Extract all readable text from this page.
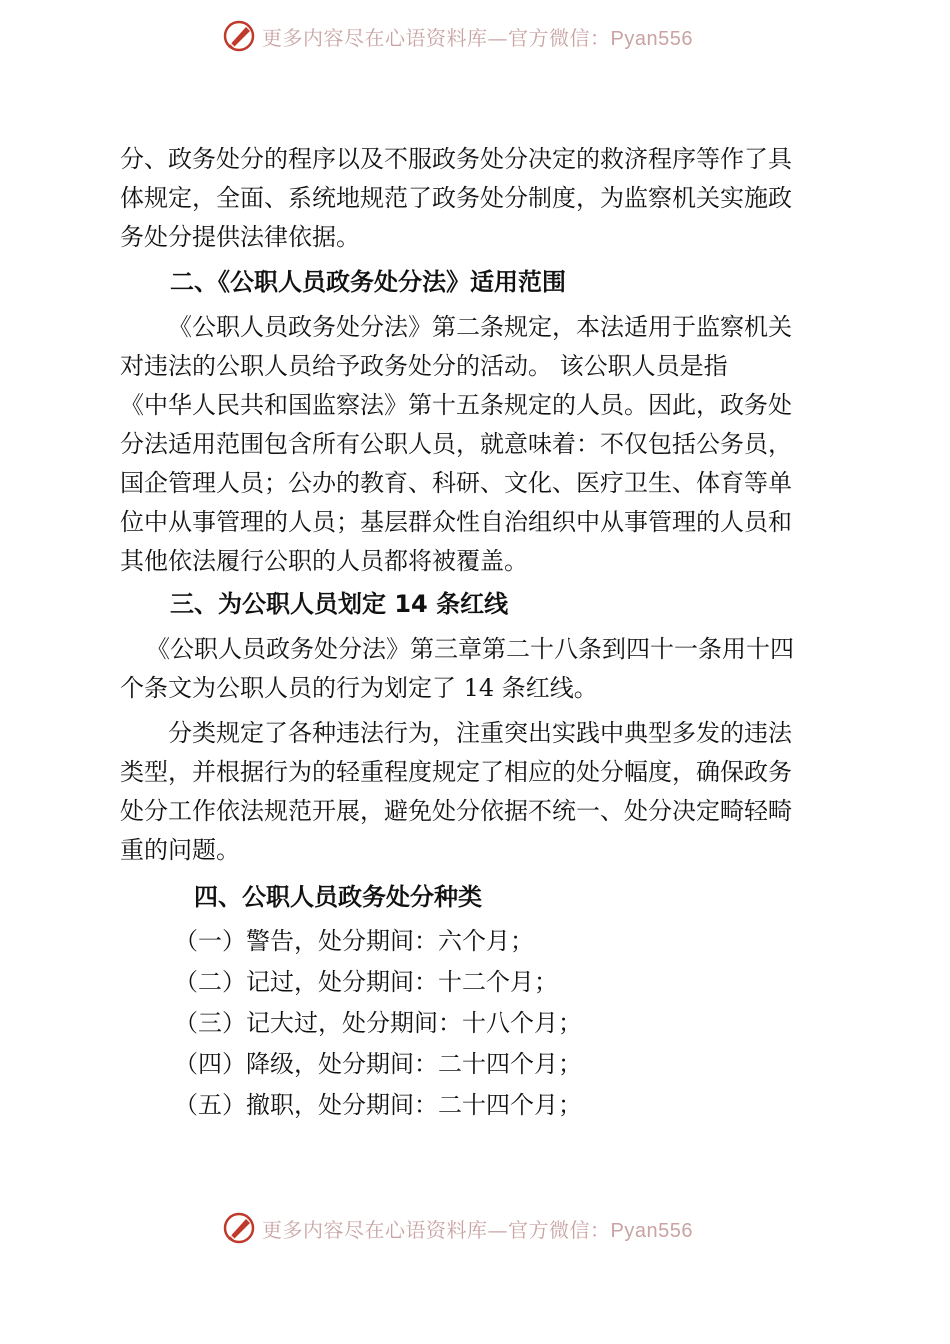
更多内容尽在心语资料库—官方微信：Pyan556

分、政务处分的程序以及不服政务处分决定的救济程序等作了具体规定，全面、系统地规范了政务处分制度，为监察机关实施政务处分提供法律依据。

二、《公职人员政务处分法》适用范围

《公职人员政务处分法》第二条规定，本法适用于监察机关对违法的公职人员给予政务处分的活动。 该公职人员是指

《中华人民共和国监察法》第十五条规定的人员。因此，政务处分法适用范围包含所有公职人员，就意味着：不仅包括公务员，国企管理人员；公办的教育、科研、文化、医疗卫生、体育等单位中从事管理的人员；基层群众性自治组织中从事管理的人员和其他依法履行公职的人员都将被覆盖。

三、为公职人员划定 14 条红线

《公职人员政务处分法》第三章第二十八条到四十一条用十四个条文为公职人员的行为划定了 14 条红线。

分类规定了各种违法行为，注重突出实践中典型多发的违法类型，并根据行为的轻重程度规定了相应的处分幅度，确保政务处分工作依法规范开展，避免处分依据不统一、处分决定畸轻畸重的问题。

四、公职人员政务处分种类

（一）警告，处分期间：六个月；

（二）记过，处分期间：十二个月；

（三）记大过，处分期间：十八个月；

（四）降级，处分期间：二十四个月；

（五）撤职，处分期间：二十四个月；

更多内容尽在心语资料库—官方微信：Pyan556
